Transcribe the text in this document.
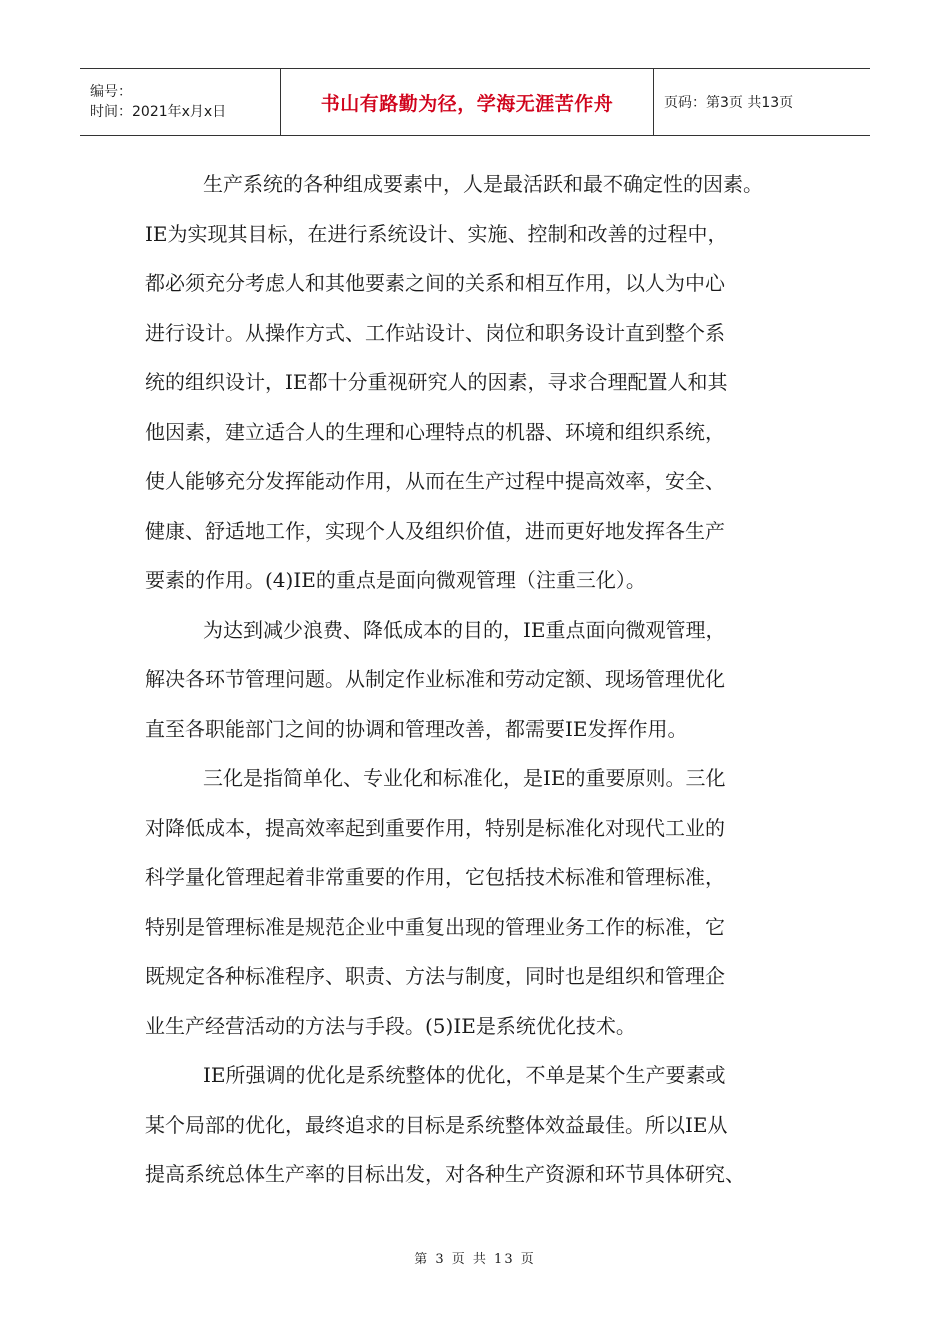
编号：
时间：2021年x月x日	书山有路勤为径，学海无涯苦作舟	页码：第3页 共13页
生产系统的各种组成要素中，人是最活跃和最不确定性的因素。
IE为实现其目标，在进行系统设计、实施、控制和改善的过程中，
都必须充分考虑人和其他要素之间的关系和相互作用，以人为中心
进行设计。从操作方式、工作站设计、岗位和职务设计直到整个系
统的组织设计，IE都十分重视研究人的因素，寻求合理配置人和其
他因素，建立适合人的生理和心理特点的机器、环境和组织系统，
使人能够充分发挥能动作用，从而在生产过程中提高效率，安全、
健康、舒适地工作，实现个人及组织价值，进而更好地发挥各生产
要素的作用。(4)IE的重点是面向微观管理（注重三化）。
为达到减少浪费、降低成本的目的，IE重点面向微观管理，
解决各环节管理问题。从制定作业标准和劳动定额、现场管理优化
直至各职能部门之间的协调和管理改善，都需要IE发挥作用。
三化是指简单化、专业化和标准化，是IE的重要原则。三化
对降低成本，提高效率起到重要作用，特别是标准化对现代工业的
科学量化管理起着非常重要的作用，它包括技术标准和管理标准，
特别是管理标准是规范企业中重复出现的管理业务工作的标准，它
既规定各种标准程序、职责、方法与制度，同时也是组织和管理企
业生产经营活动的方法与手段。(5)IE是系统优化技术。
IE所强调的优化是系统整体的优化，不单是某个生产要素或
某个局部的优化，最终追求的目标是系统整体效益最佳。所以IE从
提高系统总体生产率的目标出发，对各种生产资源和环节具体研究、
第 3 页 共 13 页
